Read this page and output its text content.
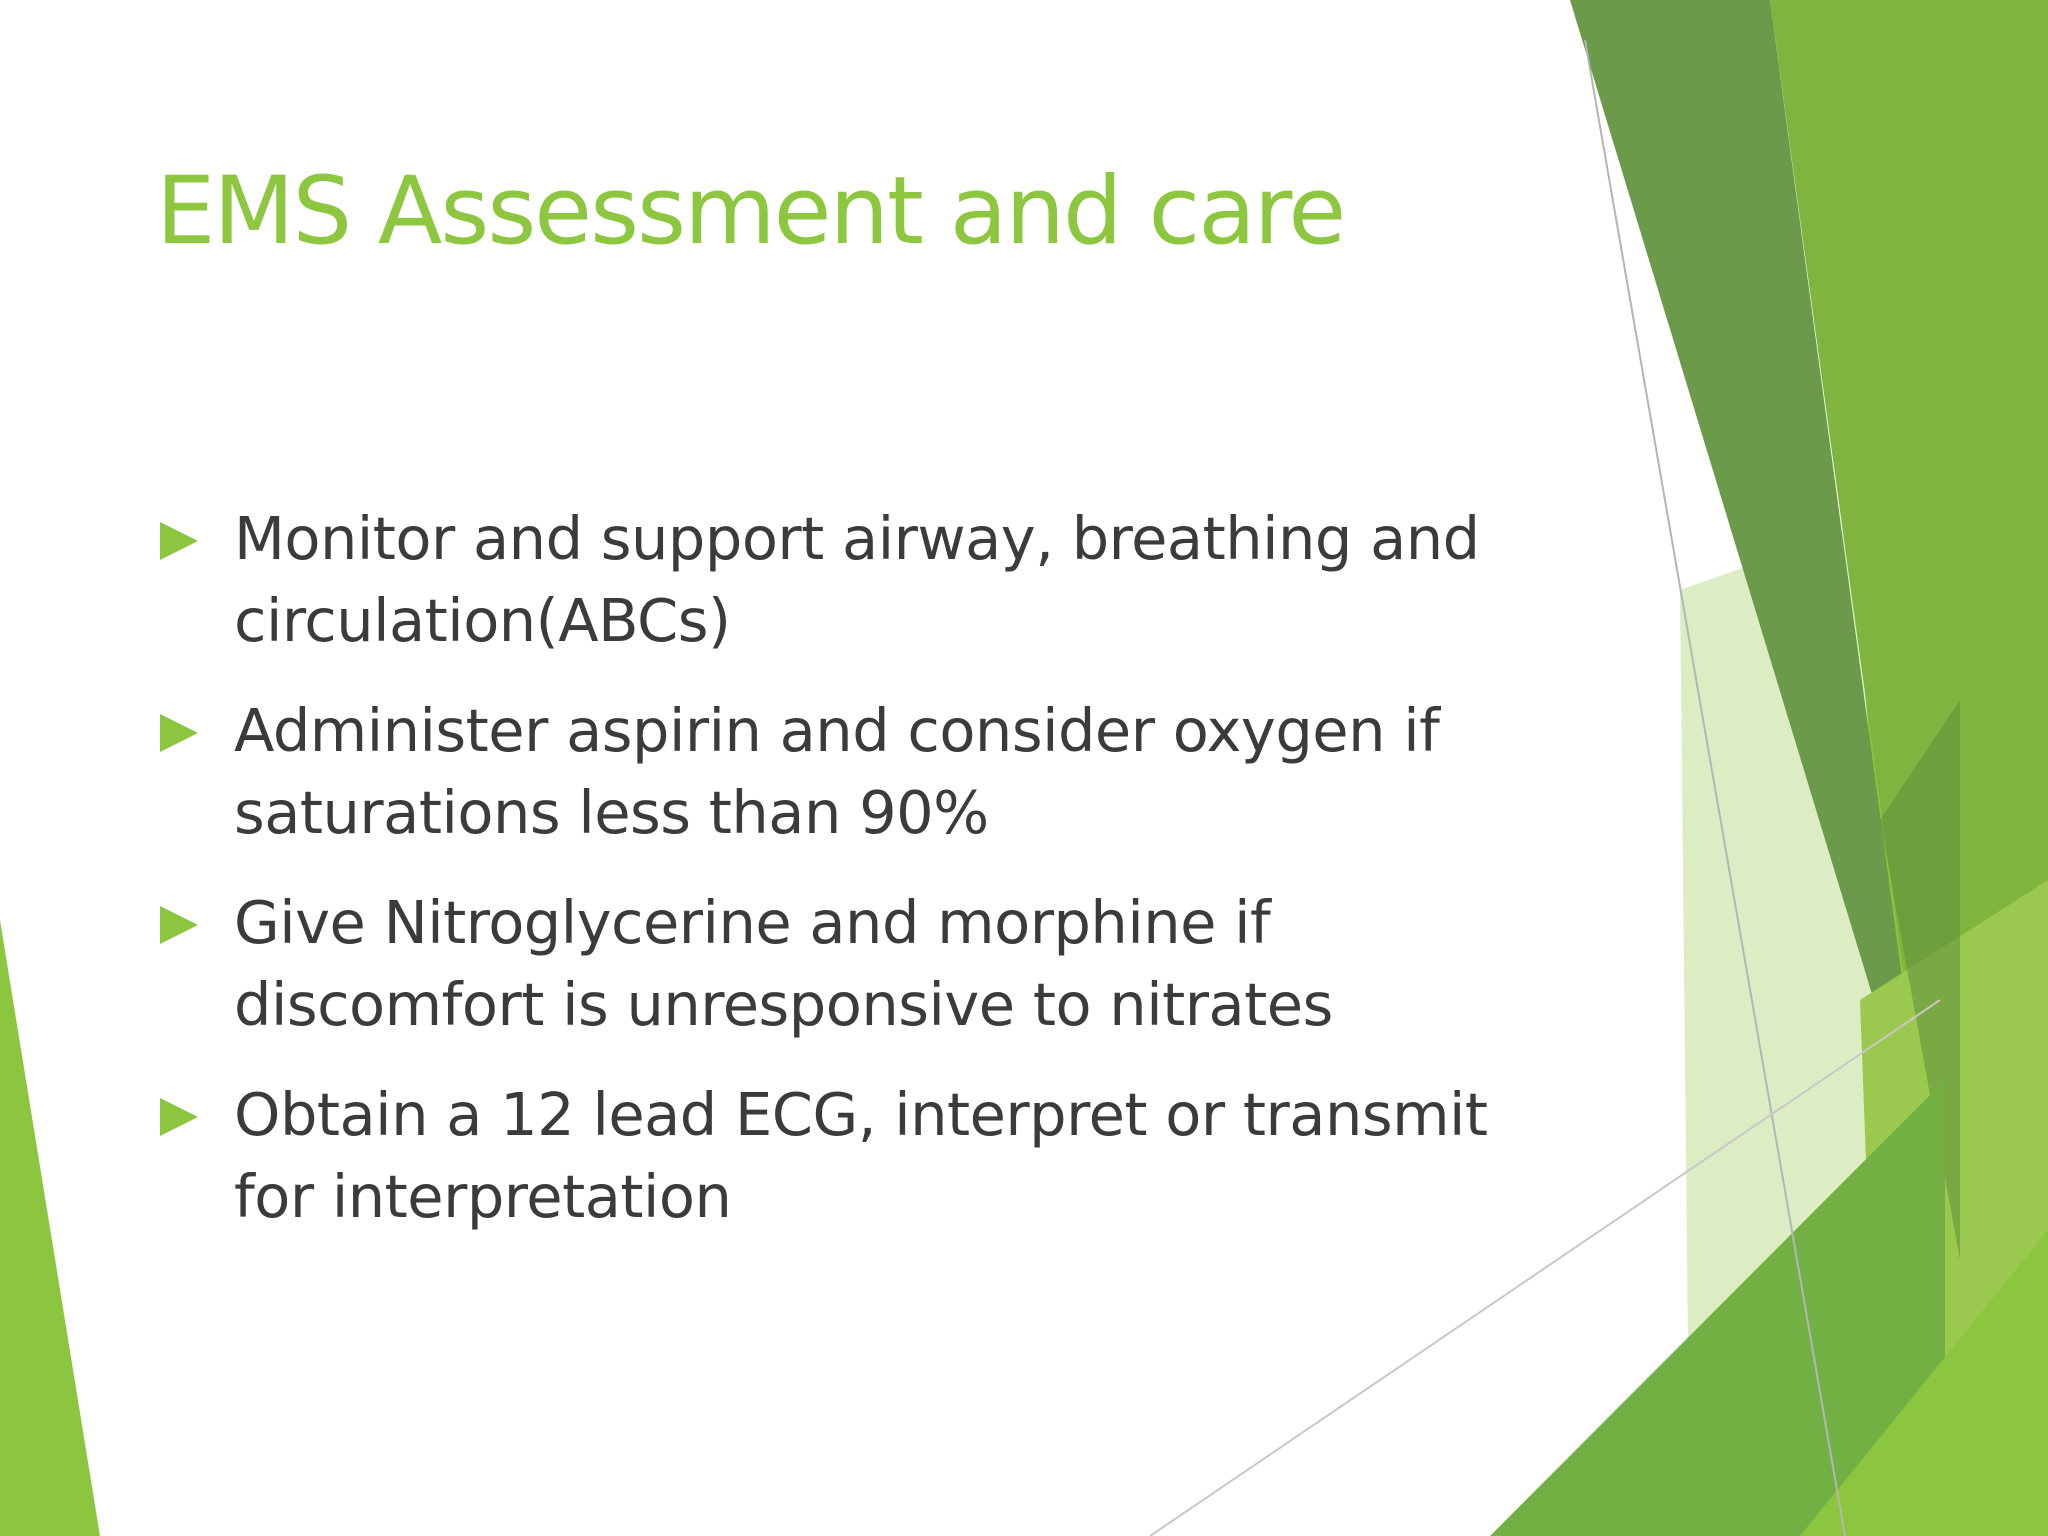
EMS Assessment and care
Monitor and support airway, breathing and circulation(ABCs)
Administer aspirin and consider oxygen if saturations less than 90%
Give Nitroglycerine and morphine if discomfort is unresponsive to nitrates
Obtain a 12 lead ECG, interpret or transmit for interpretation
